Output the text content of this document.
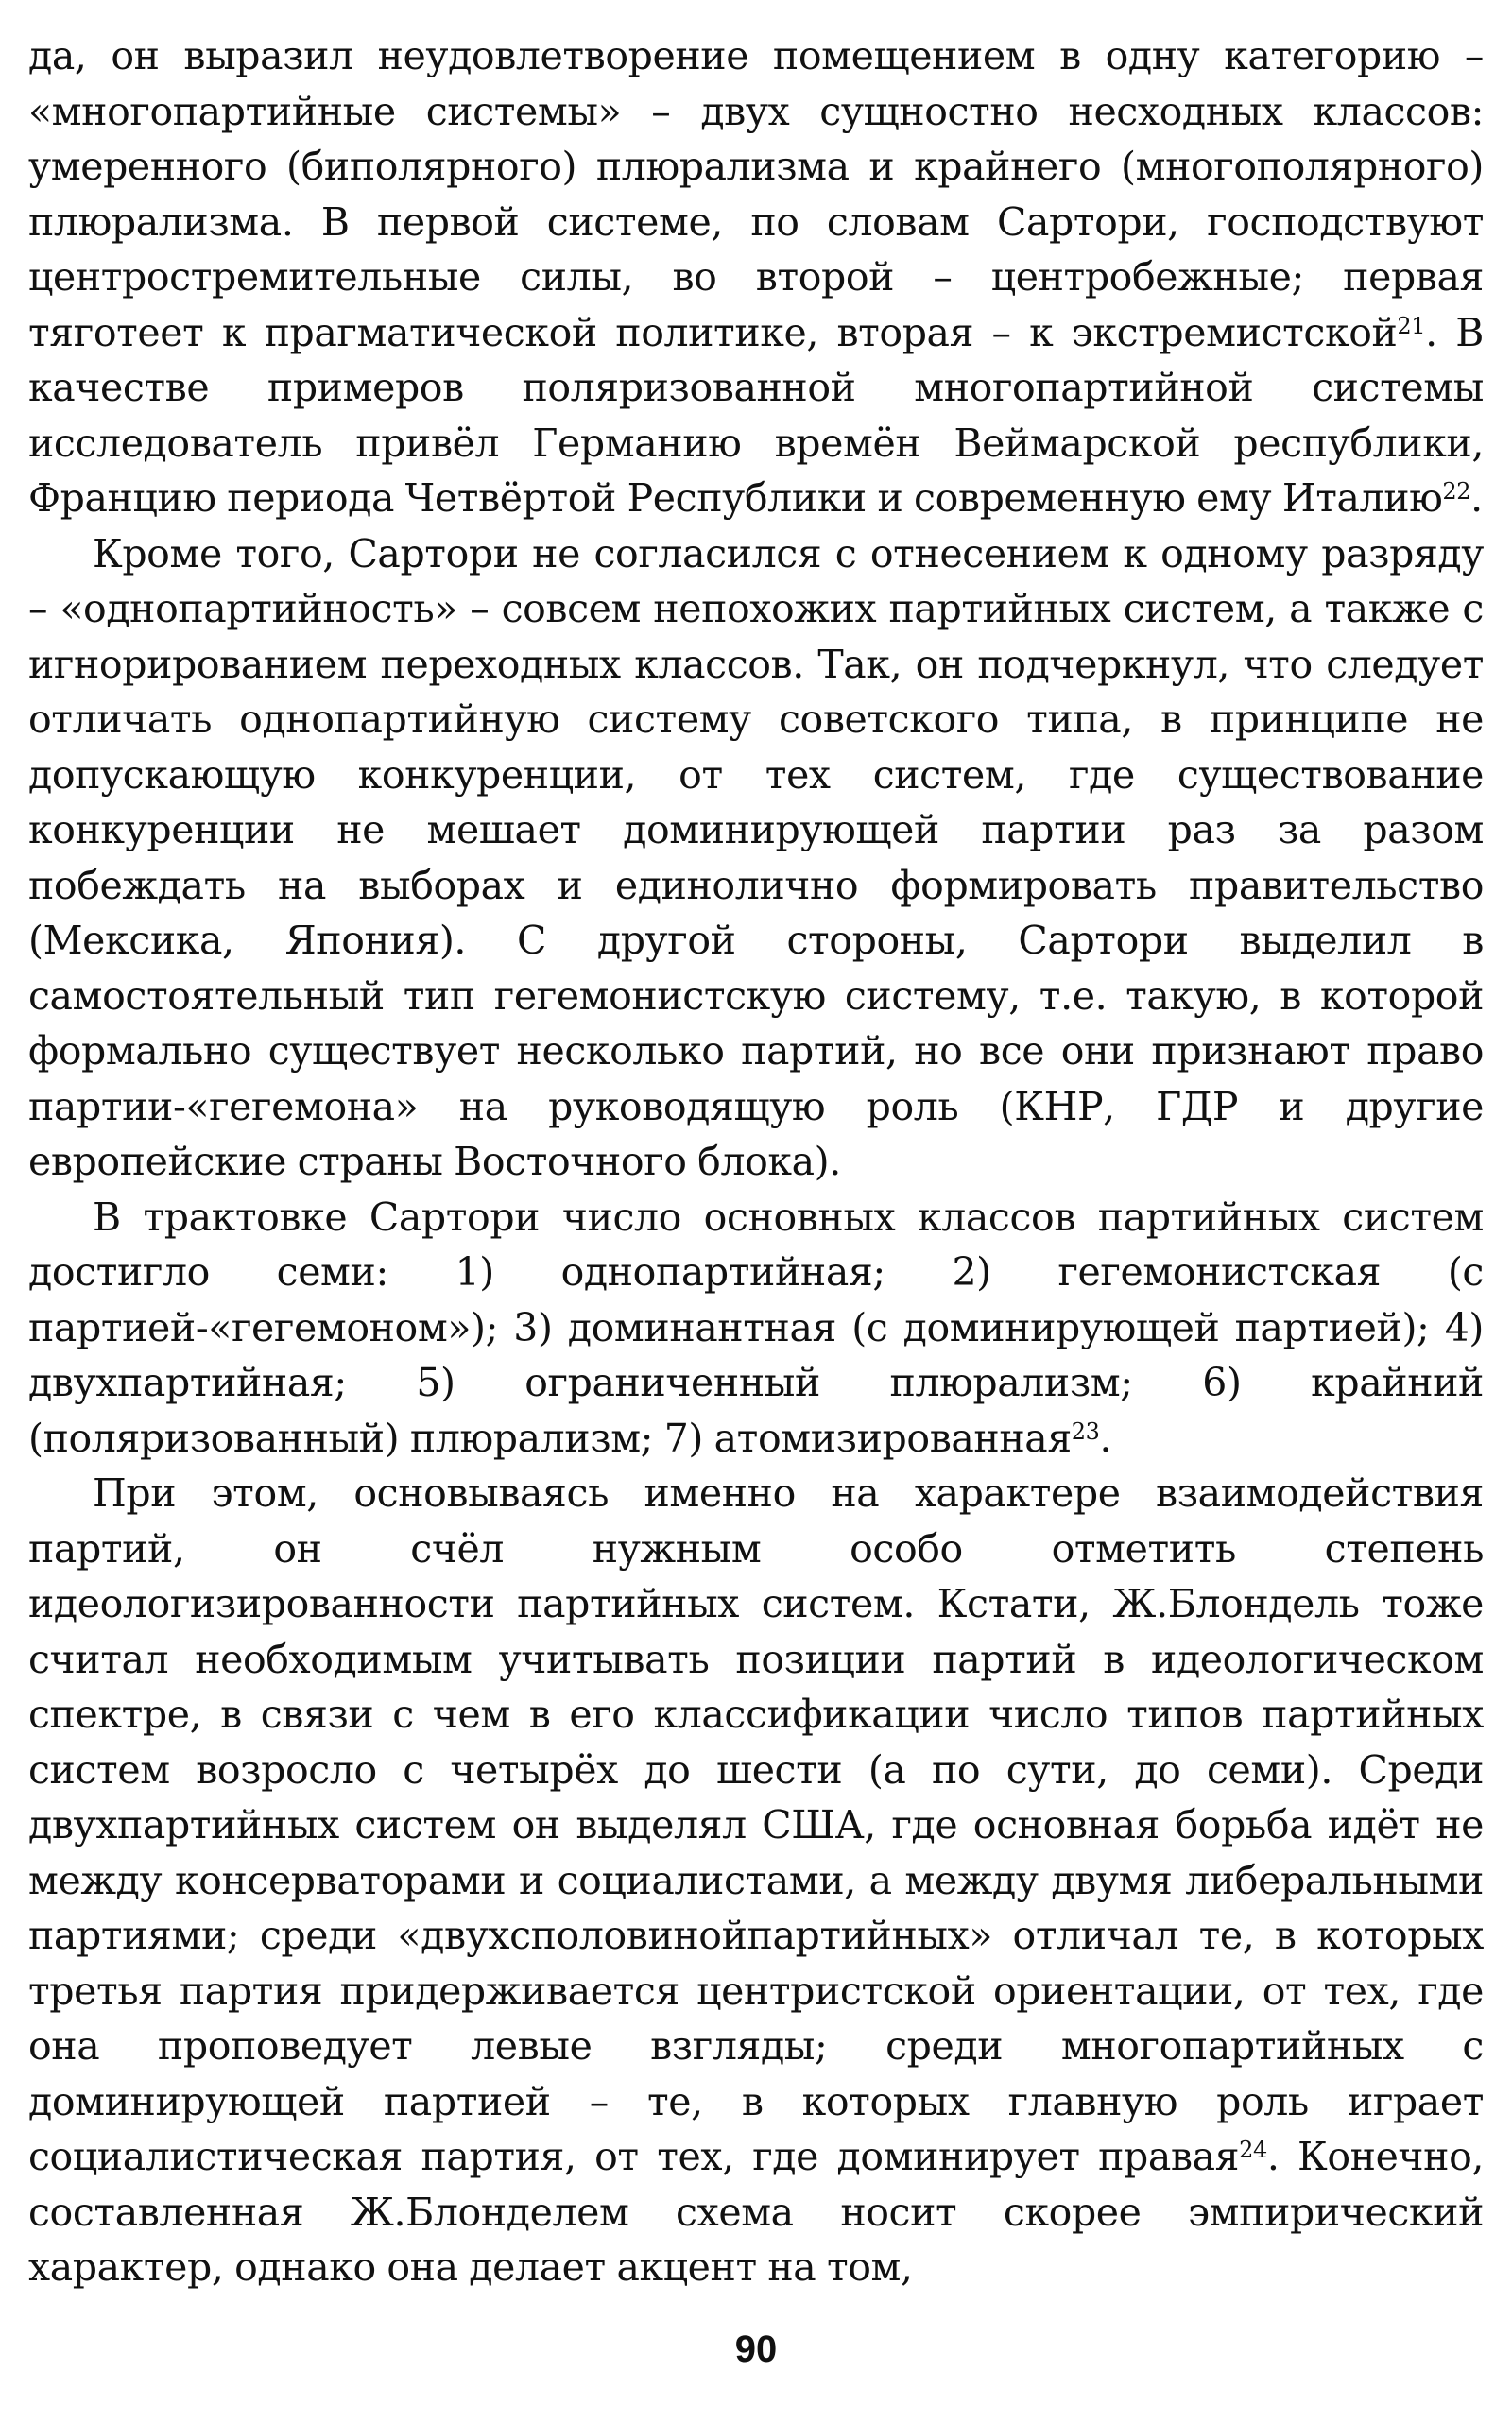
да, он выразил неудовлетворение помещением в одну категорию – «многопартийные системы» – двух сущностно несходных классов: умеренного (биполярного) плюрализма и крайнего (многополярного) плюрализма. В первой системе, по словам Сартори, господствуют центростремительные силы, во второй – центробежные; первая тяготеет к прагматической политике, вторая – к экстремистской$^{21}$. В качестве примеров поляризованной многопартийной системы исследователь привёл Германию времён Веймарской республики, Францию периода Четвёртой Республики и современную ему Италию$^{22}$.

Кроме того, Сартори не согласился с отнесением к одному разряду – «однопартийность» – совсем непохожих партийных систем, а также с игнорированием переходных классов. Так, он подчеркнул, что следует отличать однопартийную систему советского типа, в принципе не допускающую конкуренции, от тех систем, где существование конкуренции не мешает доминирующей партии раз за разом побеждать на выборах и единолично формировать правительство (Мексика, Япония). С другой стороны, Сартори выделил в самостоятельный тип гегемонистскую систему, т.е. такую, в которой формально существует несколько партий, но все они признают право партии-«гегемона» на руководящую роль (КНР, ГДР и другие европейские страны Восточного блока).

В трактовке Сартори число основных классов партийных систем достигло семи: 1) однопартийная; 2) гегемонистская (с партией-«гегемоном»); 3) доминантная (с доминирующей партией); 4) двухпартийная; 5) ограниченный плюрализм; 6) крайний (поляризованный) плюрализм; 7) атомизированная$^{23}$.

При этом, основываясь именно на характере взаимодействия партий, он счёл нужным особо отметить степень идеологизированности партийных систем. Кстати, Ж.Блондель тоже считал необходимым учитывать позиции партий в идеологическом спектре, в связи с чем в его классификации число типов партийных систем возросло с четырёх до шести (а по сути, до семи). Среди двухпартийных систем он выделял США, где основная борьба идёт не между консерваторами и социалистами, а между двумя либеральными партиями; среди «двухсполовинойпартийных» отличал те, в которых третья партия придерживается центристской ориентации, от тех, где она проповедует левые взгляды; среди многопартийных с доминирующей партией – те, в которых главную роль играет социалистическая партия, от тех, где доминирует правая$^{24}$. Конечно, составленная Ж.Блонделем схема носит скорее эмпирический характер, однако она делает акцент на том,

90
